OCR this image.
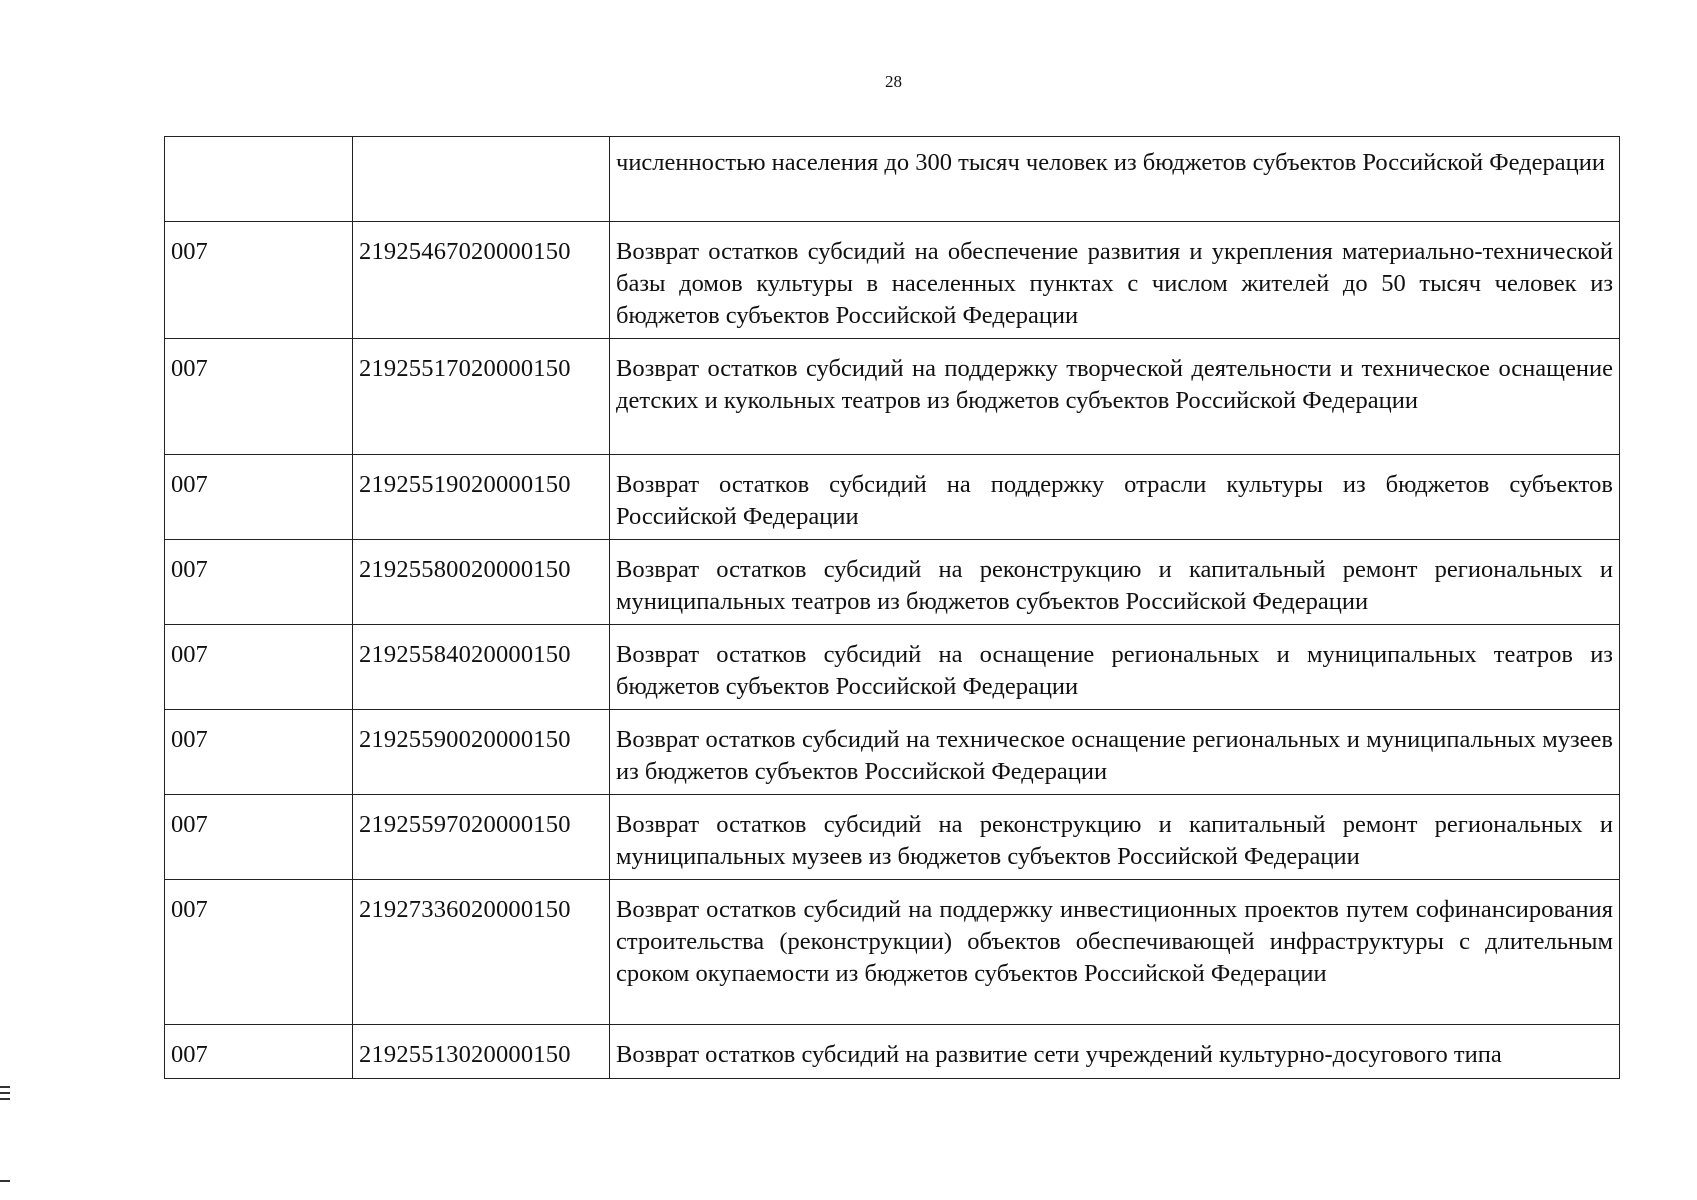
28
		численностью населения до 300 тысяч человек из бюджетов субъектов Российской Федерации
007	21925467020000150	Возврат остатков субсидий на обеспечение развития и укрепления материально-технической базы домов культуры в населенных пунктах с числом жителей до 50 тысяч человек из бюджетов субъектов Российской Федерации
007	21925517020000150	Возврат остатков субсидий на поддержку творческой деятельности и техническое оснащение детских и кукольных театров из бюджетов субъектов Российской Федерации
007	21925519020000150	Возврат остатков субсидий на поддержку отрасли культуры из бюджетов субъектов Российской Федерации
007	21925580020000150	Возврат остатков субсидий на реконструкцию и капитальный ремонт региональных и муниципальных театров из бюджетов субъектов Российской Федерации
007	21925584020000150	Возврат остатков субсидий на оснащение региональных и муниципальных театров из бюджетов субъектов Российской Федерации
007	21925590020000150	Возврат остатков субсидий на техническое оснащение региональных и муниципальных музеев из бюджетов субъектов Российской Федерации
007	21925597020000150	Возврат остатков субсидий на реконструкцию и капитальный ремонт региональных и муниципальных музеев из бюджетов субъектов Российской Федерации
007	21927336020000150	Возврат остатков субсидий на поддержку инвестиционных проектов путем софинансирования строительства (реконструкции) объектов обеспечивающей инфраструктуры с длительным сроком окупаемости из бюджетов субъектов Российской Федерации
007	21925513020000150	Возврат остатков субсидий на развитие сети учреждений культурно-досугового типа
